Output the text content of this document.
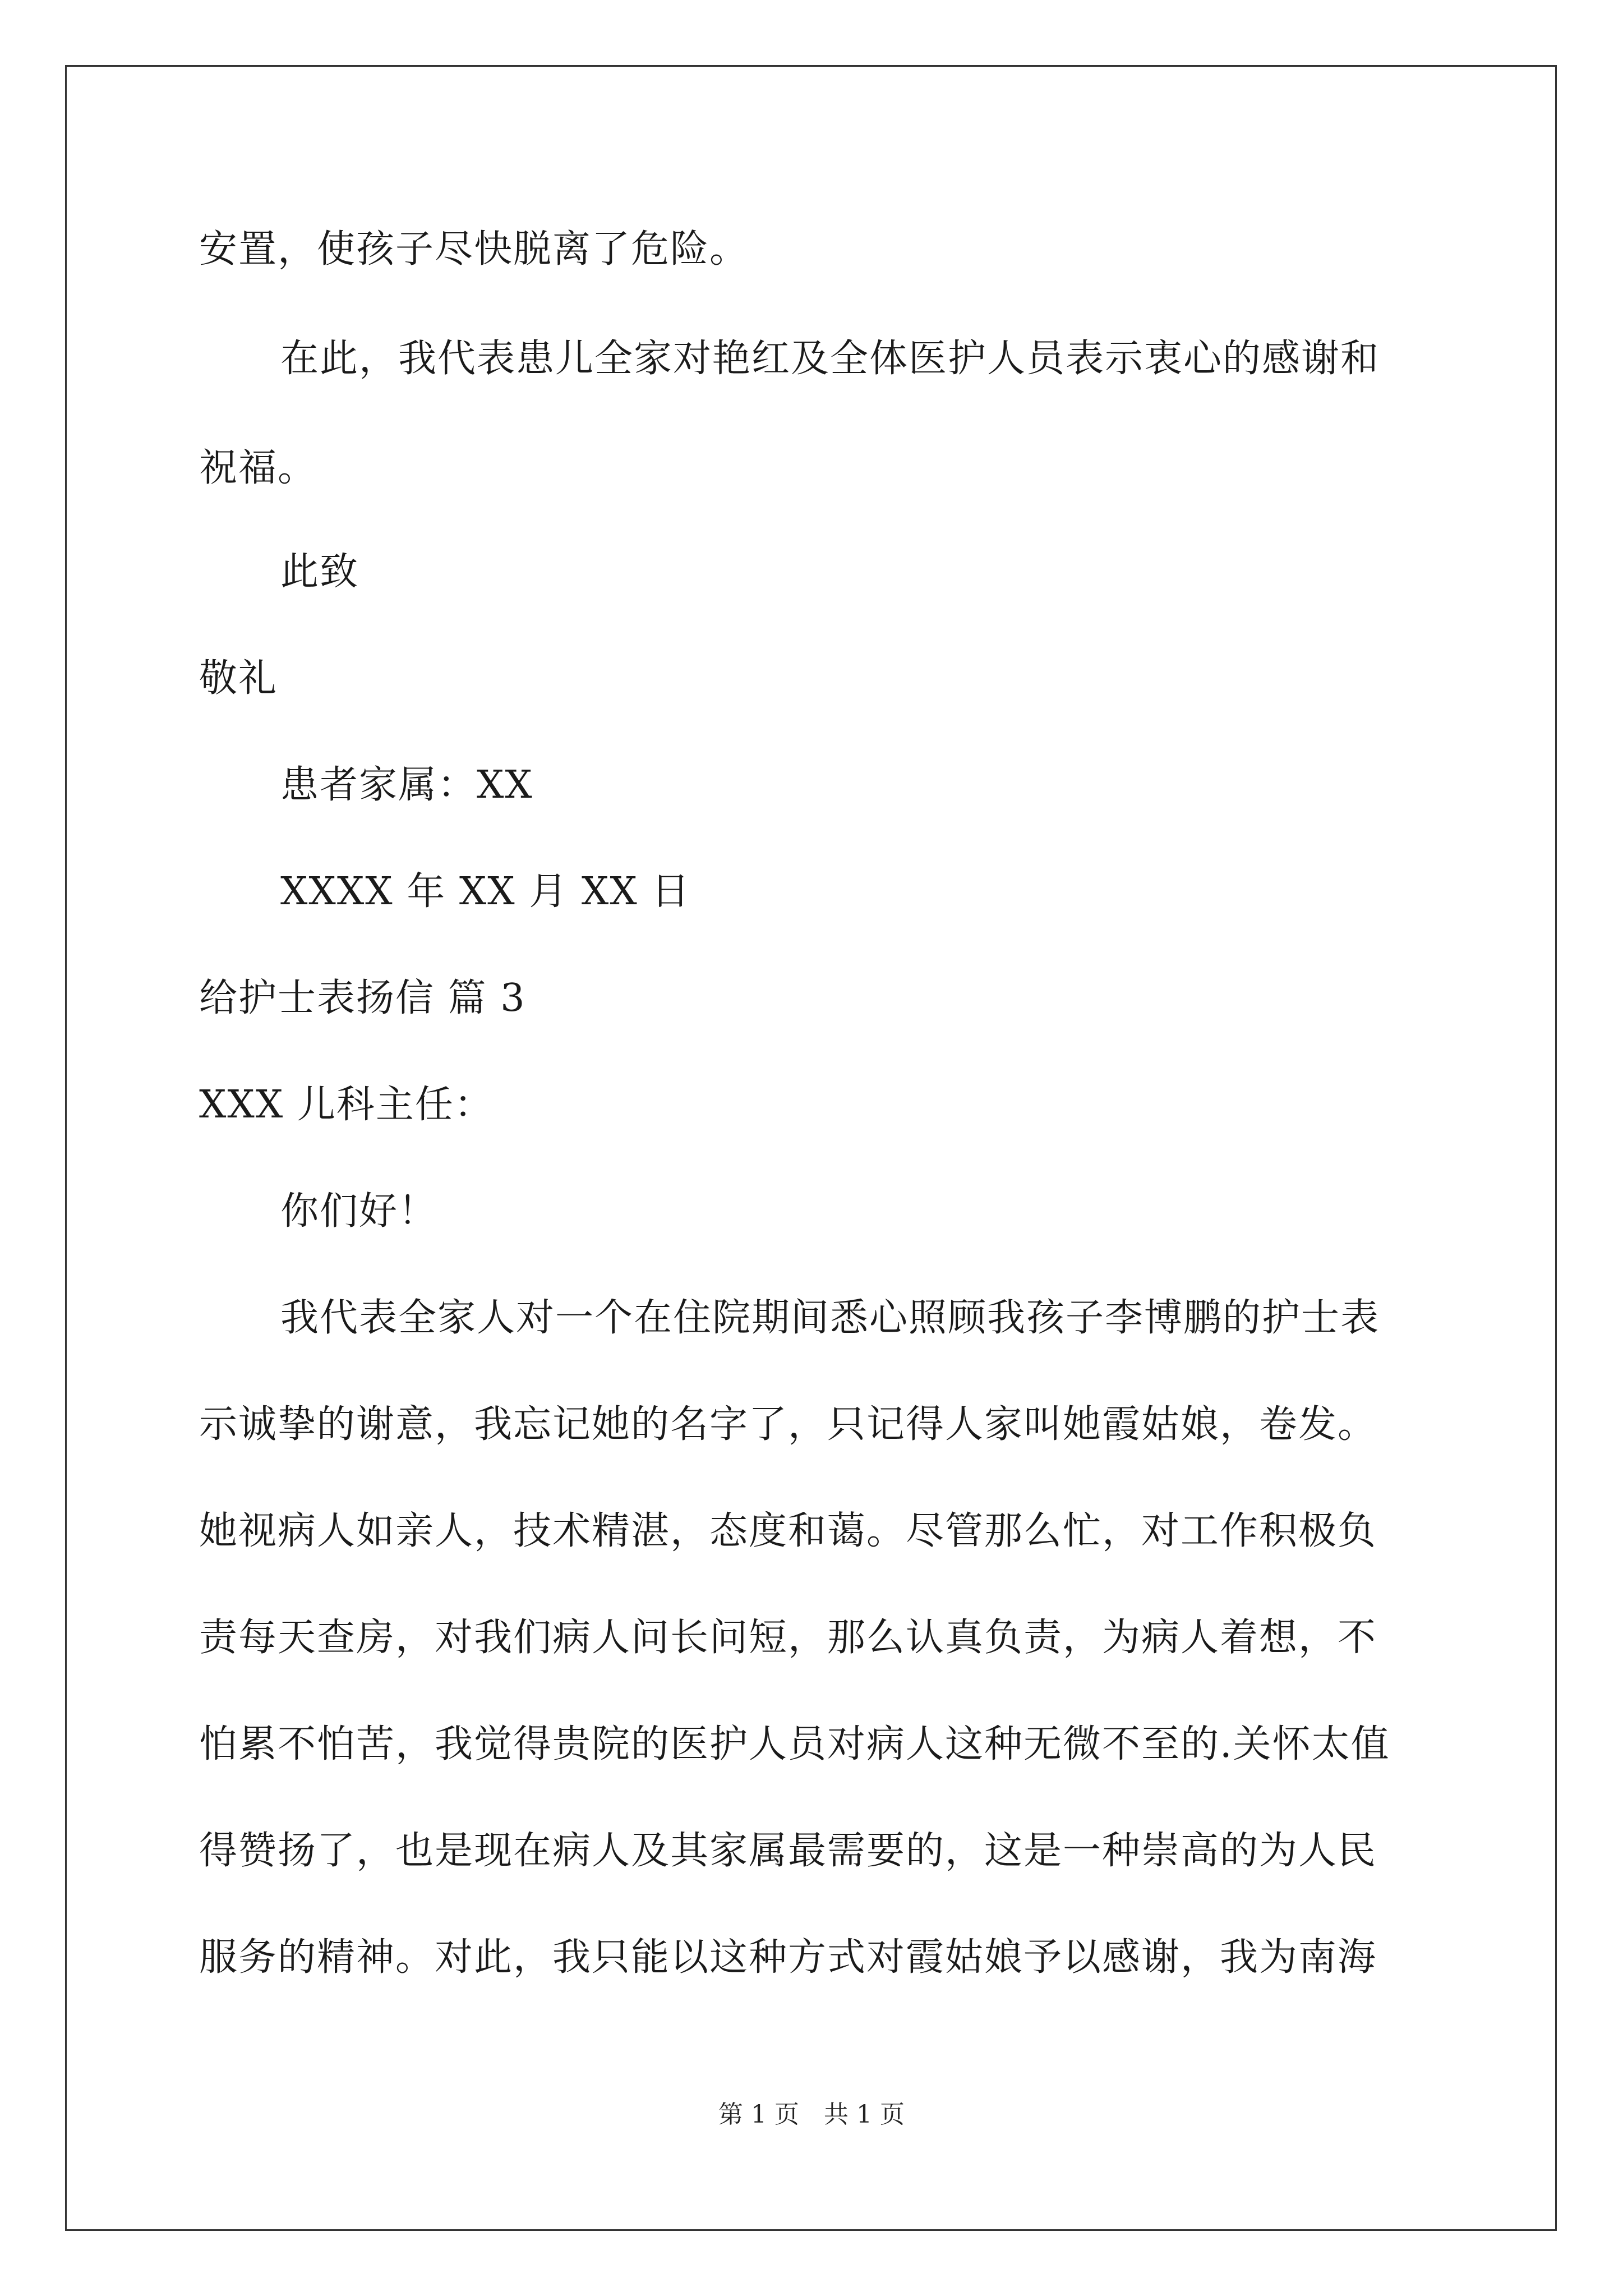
安置，使孩子尽快脱离了危险。
在此，我代表患儿全家对艳红及全体医护人员表示衷心的感谢和
祝福。
此致
敬礼
患者家属：XX
XXXX 年 XX 月 XX 日
给护士表扬信 篇 3
XXX 儿科主任：
你们好！
我代表全家人对一个在住院期间悉心照顾我孩子李博鹏的护士表
示诚挚的谢意，我忘记她的名字了，只记得人家叫她霞姑娘，卷发。
她视病人如亲人，技术精湛，态度和蔼。尽管那么忙，对工作积极负
责每天查房，对我们病人问长问短，那么认真负责，为病人着想，不
怕累不怕苦，我觉得贵院的医护人员对病人这种无微不至的.关怀太值
得赞扬了，也是现在病人及其家属最需要的，这是一种崇高的为人民
服务的精神。对此，我只能以这种方式对霞姑娘予以感谢，我为南海
第 1 页　共 1 页
